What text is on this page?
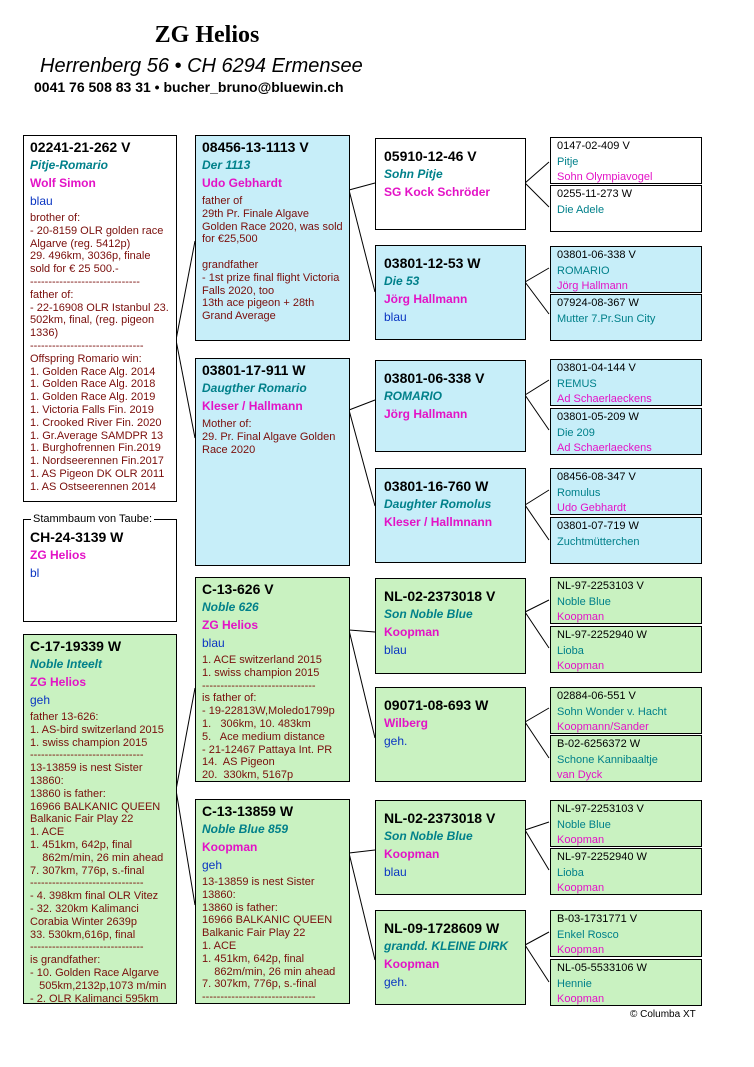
ZG Helios
Herrenberg 56 • CH 6294 Ermensee
0041 76 508 83 31 • bucher_bruno@bluewin.ch
02241-21-262 V
Pitje-Romario
Wolf Simon
blau
brother of:
- 20-8159 OLR golden race Algarve (reg. 5412p)
29. 496km, 3036p, finale sold for € 25 500.-
------------------------------
father of:
- 22-16908 OLR Istanbul 23. 502km, final, (reg. pigeon 1336)
-------------------------------
Offspring Romario win:
1. Golden Race Alg. 2014
1. Golden Race Alg. 2018
1. Golden Race Alg. 2019
1. Victoria Falls Fin. 2019
1. Crooked River Fin. 2020
1. Gr.Average SAMDPR 13
1. Burghofrennen Fin.2019
1. Nordseerennen Fin.2017
1. AS Pigeon DK OLR 2011
1. AS Ostseerennen 2014
CH-24-3139 W
ZG Helios
bl
Stammbaum von Taube:
C-17-19339 W
Noble Inteelt
ZG Helios
geh
father 13-626:
1. AS-bird switzerland 2015
1. swiss champion 2015
-------------------------------
13-13859 is nest Sister 13860:
13860 is father:
16966 BALKANIC QUEEN Balkanic Fair Play 22
1. ACE
1. 451km, 642p, final
862m/min, 26 min ahead
7. 307km, 776p, s.-final
-------------------------------
- 4. 398km final OLR Vitez
- 32. 320km Kalimanci Corabia Winter 2639p
33. 530km,616p, final
-------------------------------
is grandfather:
- 10. Golden Race Algarve
505km,2132p,1073 m/min
- 2. OLR Kalimanci 595km
08456-13-1113 V
Der 1113
Udo Gebhardt
father of
29th Pr. Finale Algave Golden Race 2020, was sold for €25,500

grandfather
- 1st prize final flight Victoria Falls 2020, too
13th ace pigeon + 28th Grand Average
03801-17-911 W
Daugther Romario
Kleser / Hallmann
Mother of:
29. Pr. Final Algave Golden Race 2020
C-13-626 V
Noble 626
ZG Helios
blau
1. ACE switzerland 2015
1. swiss champion 2015
-------------------------------
is father of:
- 19-22813W,Moledo1799p
1.   306km, 10. 483km
5.   Ace medium distance
- 21-12467 Pattaya Int. PR
14.  AS Pigeon
20.  330km, 5167p
C-13-13859 W
Noble Blue 859
Koopman
geh
13-13859 is nest Sister 13860:
13860 is father:
16966 BALKANIC QUEEN Balkanic Fair Play 22
1. ACE
1. 451km, 642p, final
862m/min, 26 min ahead
7. 307km, 776p, s.-final
-------------------------------
05910-12-46 V
Sohn Pitje
SG Kock Schröder
03801-12-53 W
Die 53
Jörg Hallmann
blau
03801-06-338 V
ROMARIO
Jörg Hallmann
03801-16-760 W
Daughter Romolus
Kleser / Hallmnann
NL-02-2373018 V
Son Noble Blue
Koopman
blau
09071-08-693 W
Wilberg
geh.
NL-02-2373018 V
Son Noble Blue
Koopman
blau
NL-09-1728609 W
grandd. KLEINE DIRK
Koopman
geh.
0147-02-409 V
Pitje
Sohn Olympiavogel
0255-11-273 W
Die Adele
03801-06-338 V
ROMARIO
Jörg Hallmann
07924-08-367 W
Mutter 7.Pr.Sun City
03801-04-144 V
REMUS
Ad Schaerlaeckens
03801-05-209 W
Die 209
Ad Schaerlaeckens
08456-08-347 V
Romulus
Udo Gebhardt
03801-07-719 W
Zuchtmütterchen
NL-97-2253103 V
Noble Blue
Koopman
NL-97-2252940 W
Lioba
Koopman
02884-06-551 V
Sohn Wonder v. Hacht
Koopmann/Sander
B-02-6256372 W
Schone Kannibaaltje
van Dyck
NL-97-2253103 V
Noble Blue
Koopman
NL-97-2252940 W
Lioba
Koopman
B-03-1731771 V
Enkel Rosco
Koopman
NL-05-5533106 W
Hennie
Koopman
© Columba XT
